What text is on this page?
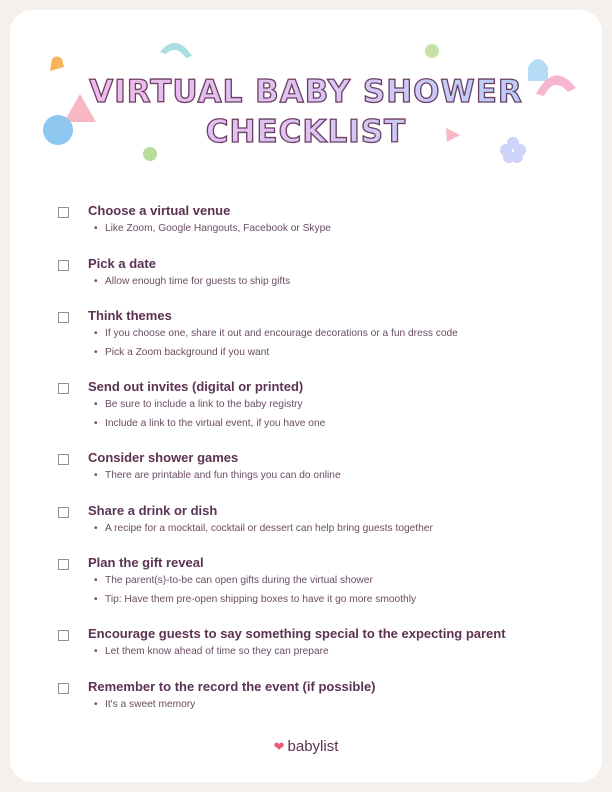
VIRTUAL BABY SHOWER
CHECKLIST
Choose a virtual venue
• Like Zoom, Google Hangouts, Facebook or Skype
Pick a date
• Allow enough time for guests to ship gifts
Think themes
• If you choose one, share it out and encourage decorations or a fun dress code
• Pick a Zoom background if you want
Send out invites (digital or printed)
• Be sure to include a link to the baby registry
• Include a link to the virtual event, if you have one
Consider shower games
• There are printable and fun things you can do online
Share a drink or dish
• A recipe for a mocktail, cocktail or dessert can help bring guests together
Plan the gift reveal
• The parent(s)-to-be can open gifts during the virtual shower
• Tip: Have them pre-open shipping boxes to have it go more smoothly
Encourage guests to say something special to the expecting parent
• Let them know ahead of time so they can prepare
Remember to the record the event (if possible)
• It's a sweet memory
❤ babylist
